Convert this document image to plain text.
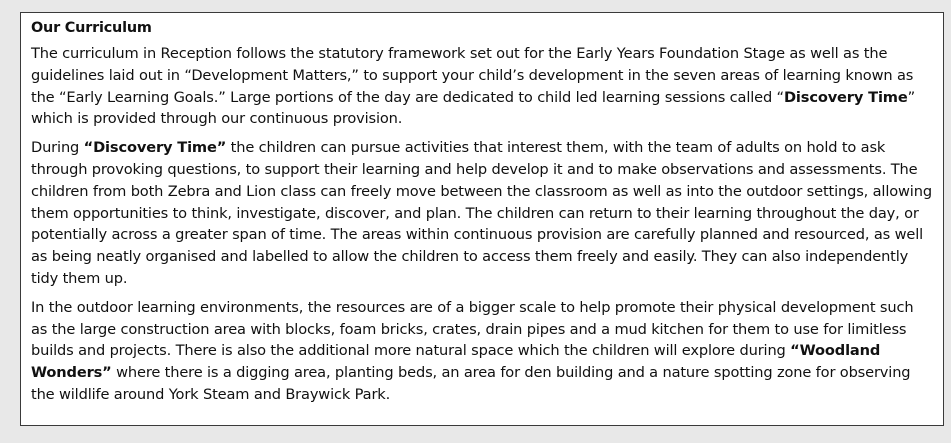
Our Curriculum

The curriculum in Reception follows the statutory framework set out for the Early Years Foundation Stage as well as the guidelines laid out in “Development Matters,” to support your child’s development in the seven areas of learning known as the “Early Learning Goals.” Large portions of the day are dedicated to child led learning sessions called “Discovery Time” which is provided through our continuous provision.

During “Discovery Time” the children can pursue activities that interest them, with the team of adults on hold to ask through provoking questions, to support their learning and help develop it and to make observations and assessments. The children from both Zebra and Lion class can freely move between the classroom as well as into the outdoor settings, allowing them opportunities to think, investigate, discover, and plan. The children can return to their learning throughout the day, or potentially across a greater span of time. The areas within continuous provision are carefully planned and resourced, as well as being neatly organised and labelled to allow the children to access them freely and easily. They can also independently tidy them up.

In the outdoor learning environments, the resources are of a bigger scale to help promote their physical development such as the large construction area with blocks, foam bricks, crates, drain pipes and a mud kitchen for them to use for limitless builds and projects. There is also the additional more natural space which the children will explore during “Woodland Wonders” where there is a digging area, planting beds, an area for den building and a nature spotting zone for observing the wildlife around York Steam and Braywick Park.
